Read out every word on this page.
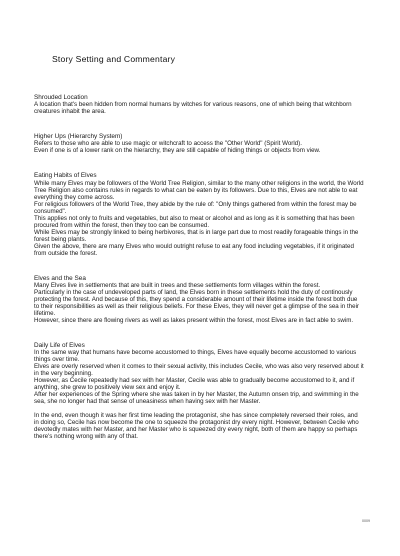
Story Setting and Commentary
Shrouded Location
A location that's been hidden from normal humans by witches for various reasons, one of which being that witchborn creatures inhabit the area.
Higher Ups (Hierarchy System)
Refers to those who are able to use magic or witchcraft to access the "Other World" (Spirit World).
Even if one is of a lower rank on the hierarchy, they are still capable of hiding things or objects from view.
Eating Habits of Elves
While many Elves may be followers of the World Tree Religion, similar to the many other religions in the world, the World Tree Religion also contains rules in regards to what can be eaten by its followers. Due to this, Elves are not able to eat everything they come across.
For religious followers of the World Tree, they abide by the rule of: "Only things gathered from within the forest may be consumed".
This applies not only to fruits and vegetables, but also to meat or alcohol and as long as it is something that has been procured from within the forest, then they too can be consumed.
While Elves may be strongly linked to being herbivores, that is in large part due to most readily forageable things in the forest being plants.
Given the above, there are many Elves who would outright refuse to eat any food including vegetables, if it originated from outside the forest.
Elves and the Sea
Many Elves live in settlements that are built in trees and these settlements form villages within the forest.
Particularly in the case of undeveloped parts of land, the Elves born in these settlements hold the duty of continously protecting the forest. And because of this, they spend a considerable amount of their lifetime inside the forest both due to their responsibilities as well as their religious beliefs. For these Elves, they will never get a glimpse of the sea in their lifetime.
However, since there are flowing rivers as well as lakes present within the forest, most Elves are in fact able to swim.
Daily Life of Elves
In the same way that humans have become accustomed to things, Elves have equally become accustomed to various things over time.
Elves are overly reserved when it comes to their sexual activity, this includes Cecile, who was also very reserved about it in the very beginning.
However, as Cecile repeatedly had sex with her Master, Cecile was able to gradually become accustomed to it, and if anything, she grew to positively view sex and enjoy it.
After her experiences of the Spring where she was taken in by her Master, the Autumn onsen trip, and swimming in the sea, she no longer had that sense of uneasiness when having sex with her Master.
In the end, even though it was her first time leading the protagonist, she has since completely reversed their roles, and in doing so, Cecile has now become the one to squeeze the protagonist dry every night. However, between Cecile who devotedly mates with her Master, and her Master who is squeezed dry every night, both of them are happy so perhaps there's nothing wrong with any of that.
0009
